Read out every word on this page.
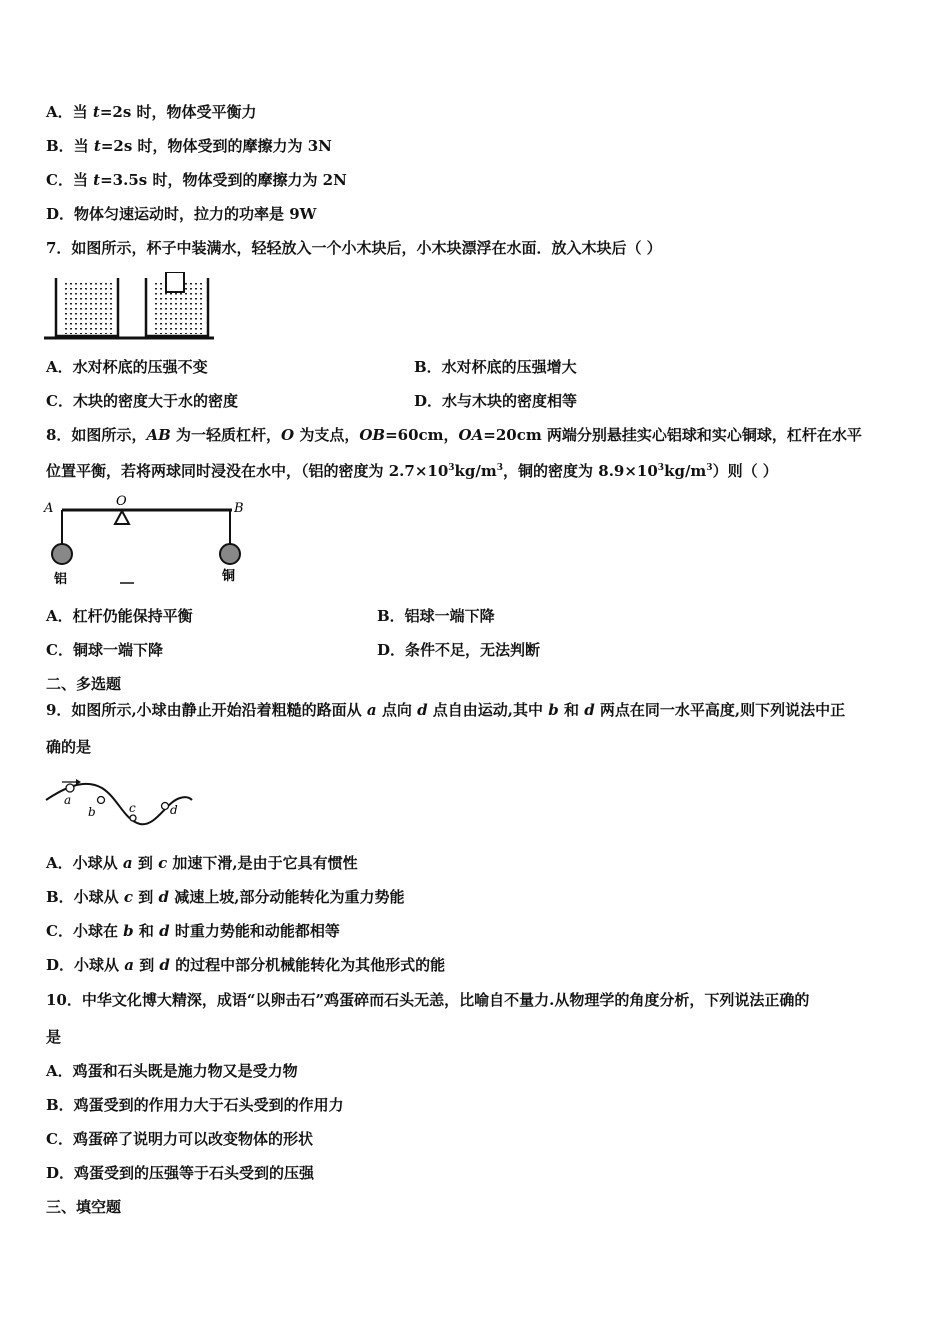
A．当 t=2s 时，物体受平衡力
B．当 t=2s 时，物体受到的摩擦力为 3N
C．当 t=3.5s 时，物体受到的摩擦力为 2N
D．物体匀速运动时，拉力的功率是 9W
7．如图所示，杯子中装满水，轻轻放入一个小木块后，小木块漂浮在水面．放入木块后（ ）
A．水对杯底的压强不变	B．水对杯底的压强增大
C．木块的密度大于水的密度	D．水与木块的密度相等
8．如图所示，AB 为一轻质杠杆，O 为支点，OB=60cm，OA=20cm 两端分别悬挂实心铝球和实心铜球，杠杆在水平
位置平衡，若将两球同时浸没在水中，（铝的密度为 $2.7\times 10^3kg/m^3$，铜的密度为 $8.9\times 10^3kg/m^3$）则（ ）
A	O	B
铝	铜
A．杠杆仍能保持平衡	B．铝球一端下降
C．铜球一端下降	D．条件不足，无法判断
二、多选题
9．如图所示,小球由静止开始沿着粗糙的路面从 a 点向 d 点自由运动,其中 b 和 d 两点在同一水平高度,则下列说法中正
确的是
a
b	c	d
A．小球从 a 到 c 加速下滑,是由于它具有惯性
B．小球从 c 到 d 减速上坡,部分动能转化为重力势能
C．小球在 b 和 d 时重力势能和动能都相等
D．小球从 a 到 d 的过程中部分机械能转化为其他形式的能
10．中华文化博大精深，成语“以卵击石”鸡蛋碎而石头无恙，比喻自不量力.从物理学的角度分析，下列说法正确的
是
A．鸡蛋和石头既是施力物又是受力物
B．鸡蛋受到的作用力大于石头受到的作用力
C．鸡蛋碎了说明力可以改变物体的形状
D．鸡蛋受到的压强等于石头受到的压强
三、填空题
